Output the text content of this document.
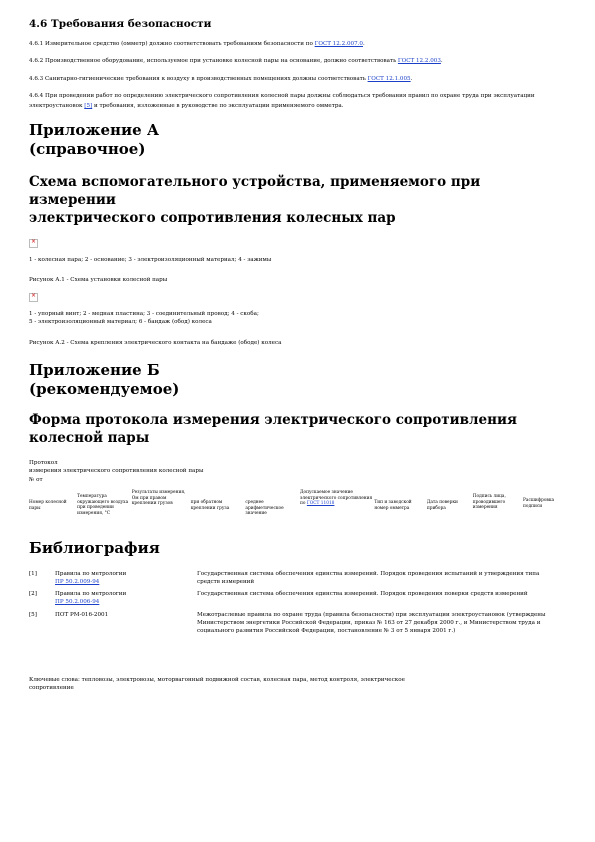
4.6 Требования безопасности

4.6.1 Измерительное средство (омметр) должно соответствовать требованиям безопасности по ГОСТ 12.2.007.0.

4.6.2 Производственное оборудование, используемое при установке колесной пары на основание, должно соответствовать ГОСТ 12.2.003.

4.6.3 Санитарно-гигиенические требования к воздуху в производственных помещениях должны соответствовать ГОСТ 12.1.005.

4.6.4 При проведении работ по определению электрического сопротивления колесной пары должны соблюдаться требования правил по охране труда при эксплуатации электроустановок [5] и требования, изложенные в руководстве по эксплуатации применяемого омметра.

Приложение А
(справочное)
Схема вспомогательного устройства, применяемого при
измерении
электрического сопротивления колесных пар
×

1 - колесная пара; 2 - основание; 3 - электроизоляционный материал; 4 - зажимы

Рисунок А.1 - Схема установки колесной пары

×

1 - упорный винт; 2 - медная пластина; 3 - соединительный провод; 4 - скоба;

5 - электроизоляционный материал; 6 - бандаж (обод) колеса

Рисунок А.2 - Схема крепления электрического контакта на бандаже (ободе) колеса

Приложение Б
(рекомендуемое)
Форма протокола измерения электрического сопротивления
колесной пары

Протокол

измерения электрического сопротивления колесной пары

№ от

Номер колесной пары	Температура окружающего воздуха при проведении измерения, °С	Результаты измерения, Ом при правом креплении грузов	при обратном креплении груза	среднее арифметическое значение	Допускаемое значение электрического сопротивления по ГОСТ 11018	Тип и заводской номер омметра	Дата поверки прибора	Подпись лица, проводившего измерения	Расшифровка подписи
Библиография
[1]	Правила по метрологии
ПР 50.2.009-94	Государственная система обеспечения единства измерений. Порядок проведения испытаний и утверждения типа средств измерений
[2]	Правила по метрологии
ПР 50.2.006-94	Государственная система обеспечения единства измерений. Порядок проведения поверки средств измерений
[5]	ПОТ РМ-016-2001	Межотраслевые правила по охране труда (правила безопасности) при эксплуатации электроустановок (утверждены Министерством энергетики Российской Федерации, приказ № 163 от 27 декабря 2000 г., и Министерством труда и социального развития Российской Федерации, постановление № 3 от 5 января 2001 г.)

Ключевые слова: тепловозы, электровозы, моторвагонный подвижной состав, колесная пара, метод контроля, электрическое

сопротивление
